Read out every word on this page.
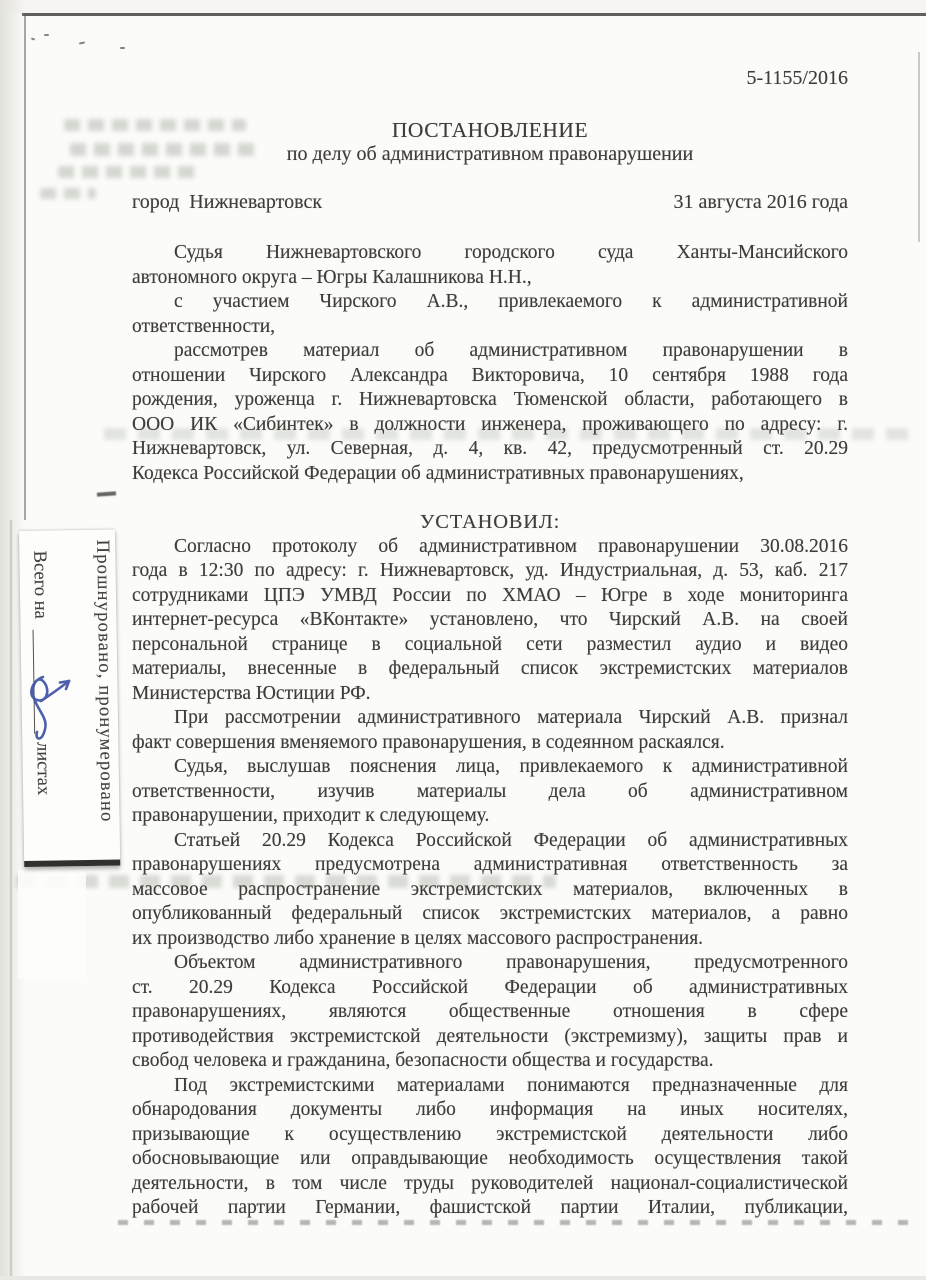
Прошнуровано, пронумеровано
Всего на  листах
5-1155/2016
ПОСТАНОВЛЕНИЕ
по делу об административном правонарушении
город  Нижневартовск	31 августа 2016 года
Судья Нижневартовского городского суда Ханты-Мансийского
автономного округа – Югры Калашникова Н.Н.,
с участием Чирского А.В., привлекаемого к административной
ответственности,
рассмотрев материал об административном правонарушении в
отношении Чирского Александра Викторовича, 10 сентября 1988 года
рождения, уроженца г. Нижневартовска Тюменской области, работающего в
ООО ИК «Сибинтек» в должности инженера, проживающего по адресу: г.
Нижневартовск, ул. Северная, д. 4, кв. 42, предусмотренный ст. 20.29
Кодекса Российской Федерации об административных правонарушениях,
УСТАНОВИЛ:
Согласно протоколу об административном правонарушении 30.08.2016
года в 12:30 по адресу: г. Нижневартовск, уд. Индустриальная, д. 53, каб. 217
сотрудниками ЦПЭ УМВД России по ХМАО – Югре в ходе мониторинга
интернет-ресурса «ВКонтакте» установлено, что Чирский А.В. на своей
персональной странице в социальной сети разместил аудио и видео
материалы, внесенные в федеральный список экстремистских материалов
Министерства Юстиции РФ.
При рассмотрении административного материала Чирский А.В. признал
факт совершения вменяемого правонарушения, в содеянном раскаялся.
Судья, выслушав пояснения лица, привлекаемого к административной
ответственности, изучив материалы дела об административном
правонарушении, приходит к следующему.
Статьей 20.29 Кодекса Российской Федерации об административных
правонарушениях предусмотрена административная ответственность за
массовое распространение экстремистских материалов, включенных в
опубликованный федеральный список экстремистских материалов, а равно
их производство либо хранение в целях массового распространения.
Объектом административного правонарушения, предусмотренного
ст. 20.29 Кодекса Российской Федерации об административных
правонарушениях, являются общественные отношения в сфере
противодействия экстремистской деятельности (экстремизму), защиты прав и
свобод человека и гражданина, безопасности общества и государства.
Под экстремистскими материалами понимаются предназначенные для
обнародования документы либо информация на иных носителях,
призывающие к осуществлению экстремистской деятельности либо
обосновывающие или оправдывающие необходимость осуществления такой
деятельности, в том числе труды руководителей национал-социалистической
рабочей партии Германии, фашистской партии Италии, публикации,
